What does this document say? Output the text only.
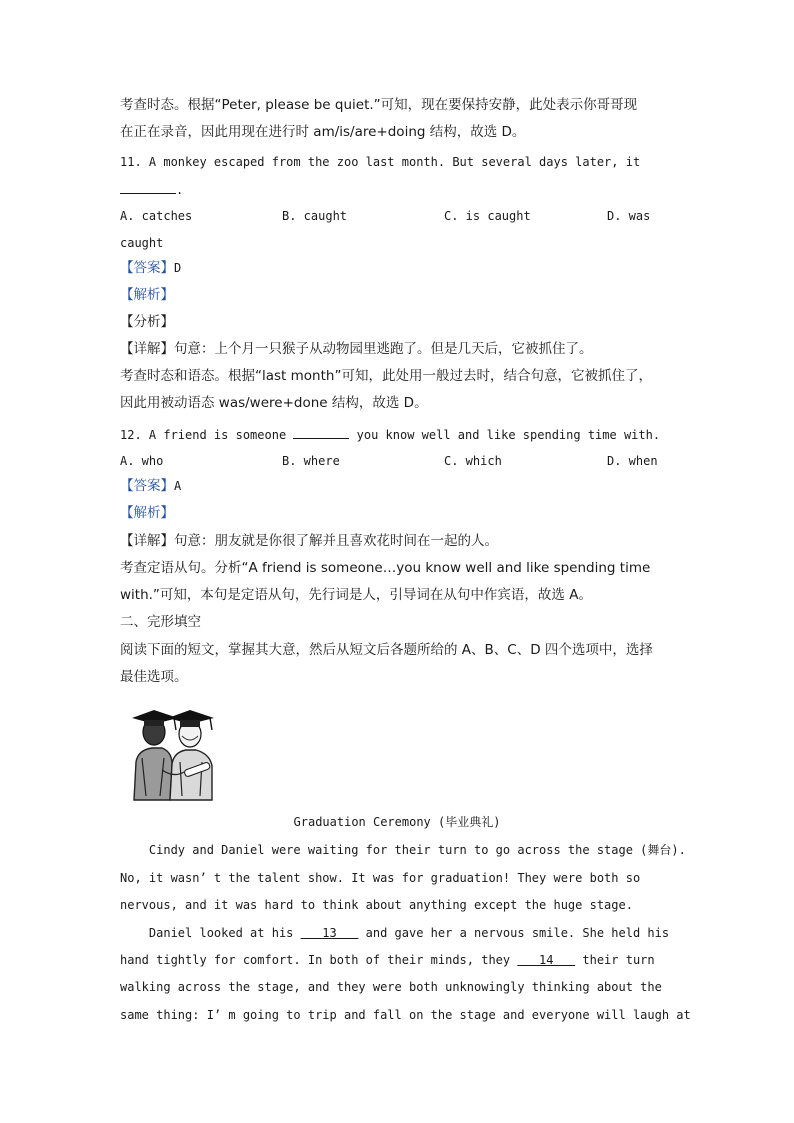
考查时态。根据“Peter, please be quiet.”可知，现在要保持安静，此处表示你哥哥现
在正在录音，因此用现在进行时 am/is/are+doing 结构，故选 D。
11. A monkey escaped from the zoo last month. But several days later, it
.
A. catches	B. caught	C. is caught	D. was
caught
【答案】D
【解析】
【分析】
【详解】句意：上个月一只猴子从动物园里逃跑了。但是几天后，它被抓住了。
考查时态和语态。根据“last month”可知，此处用一般过去时，结合句意，它被抓住了，
因此用被动语态 was/were+done 结构，故选 D。
12. A friend is someone	you know well and like spending time with.
A. who	B. where	C. which	D. when
【答案】A
【解析】
【详解】句意：朋友就是你很了解并且喜欢花时间在一起的人。
考查定语从句。分析“A friend is someone…you know well and like spending time
with.”可知，本句是定语从句，先行词是人，引导词在从句中作宾语，故选 A。
二、完形填空
阅读下面的短文，掌握其大意，然后从短文后各题所给的 A、B、C、D 四个选项中，选择
最佳选项。
Graduation Ceremony (毕业典礼)
Cindy and Daniel were waiting for their turn to go across the stage (舞台).
No, it wasn’ t the talent show. It was for graduation! They were both so
nervous, and it was hard to think about anything except the huge stage.
Daniel looked at his    13    and gave her a nervous smile. She held his
hand tightly for comfort. In both of their minds, they    14    their turn
walking across the stage, and they were both unknowingly thinking about the
same thing: I’ m going to trip and fall on the stage and everyone will laugh at
